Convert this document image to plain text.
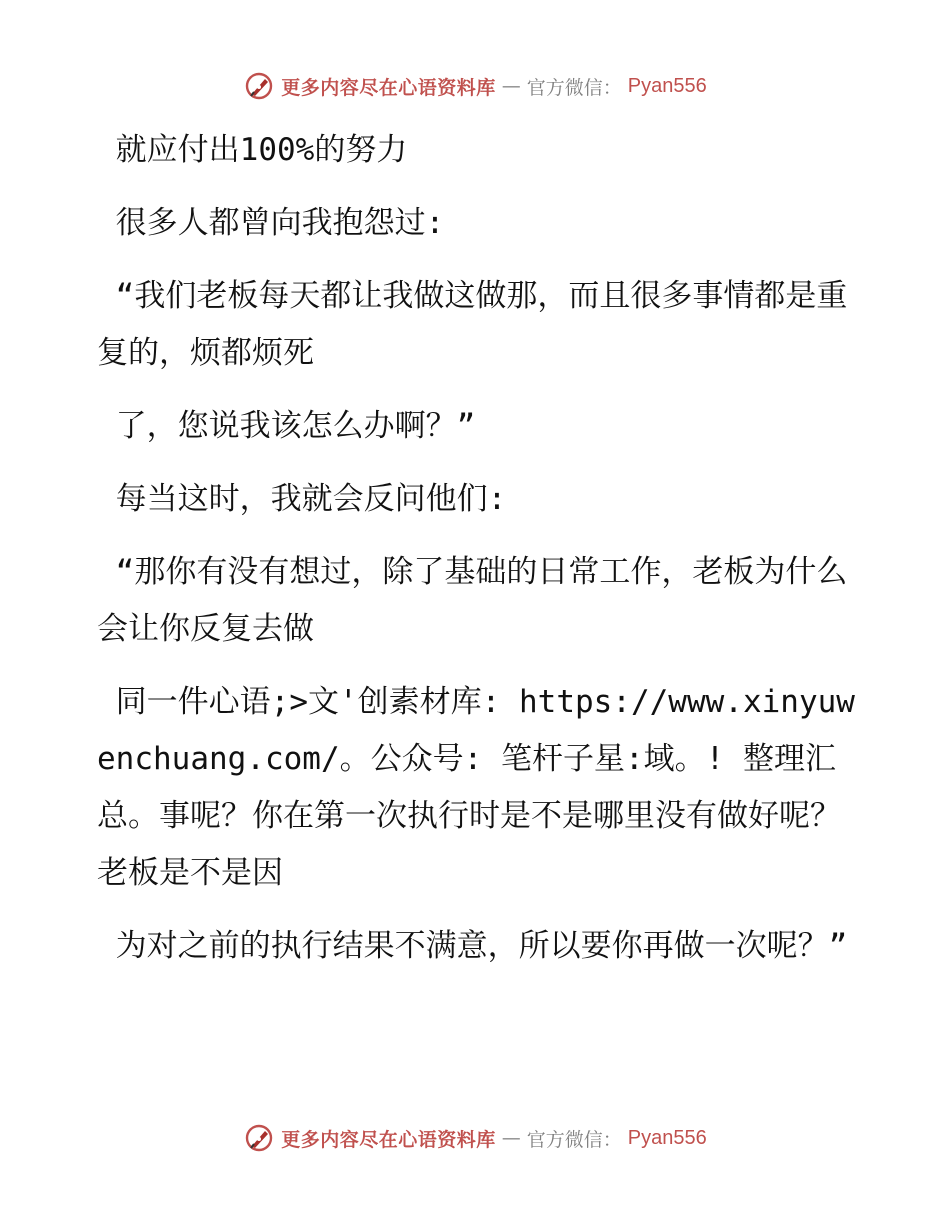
更多内容尽在心语资料库 — 官方微信： Pyan556

就应付出100%的努力

很多人都曾向我抱怨过:

“我们老板每天都让我做这做那，而且很多事情都是重复的，烦都烦死

了，您说我该怎么办啊？”

每当这时，我就会反问他们:

“那你有没有想过，除了基础的日常工作，老板为什么会让你反复去做

同一件心语;>文'创素材库: https://www.xinyuwenchuang.com/。公众号: 笔杆子星:域。! 整理汇总。事呢？你在第一次执行时是不是哪里没有做好呢？老板是不是因

为对之前的执行结果不满意，所以要你再做一次呢？”

更多内容尽在心语资料库 — 官方微信： Pyan556
